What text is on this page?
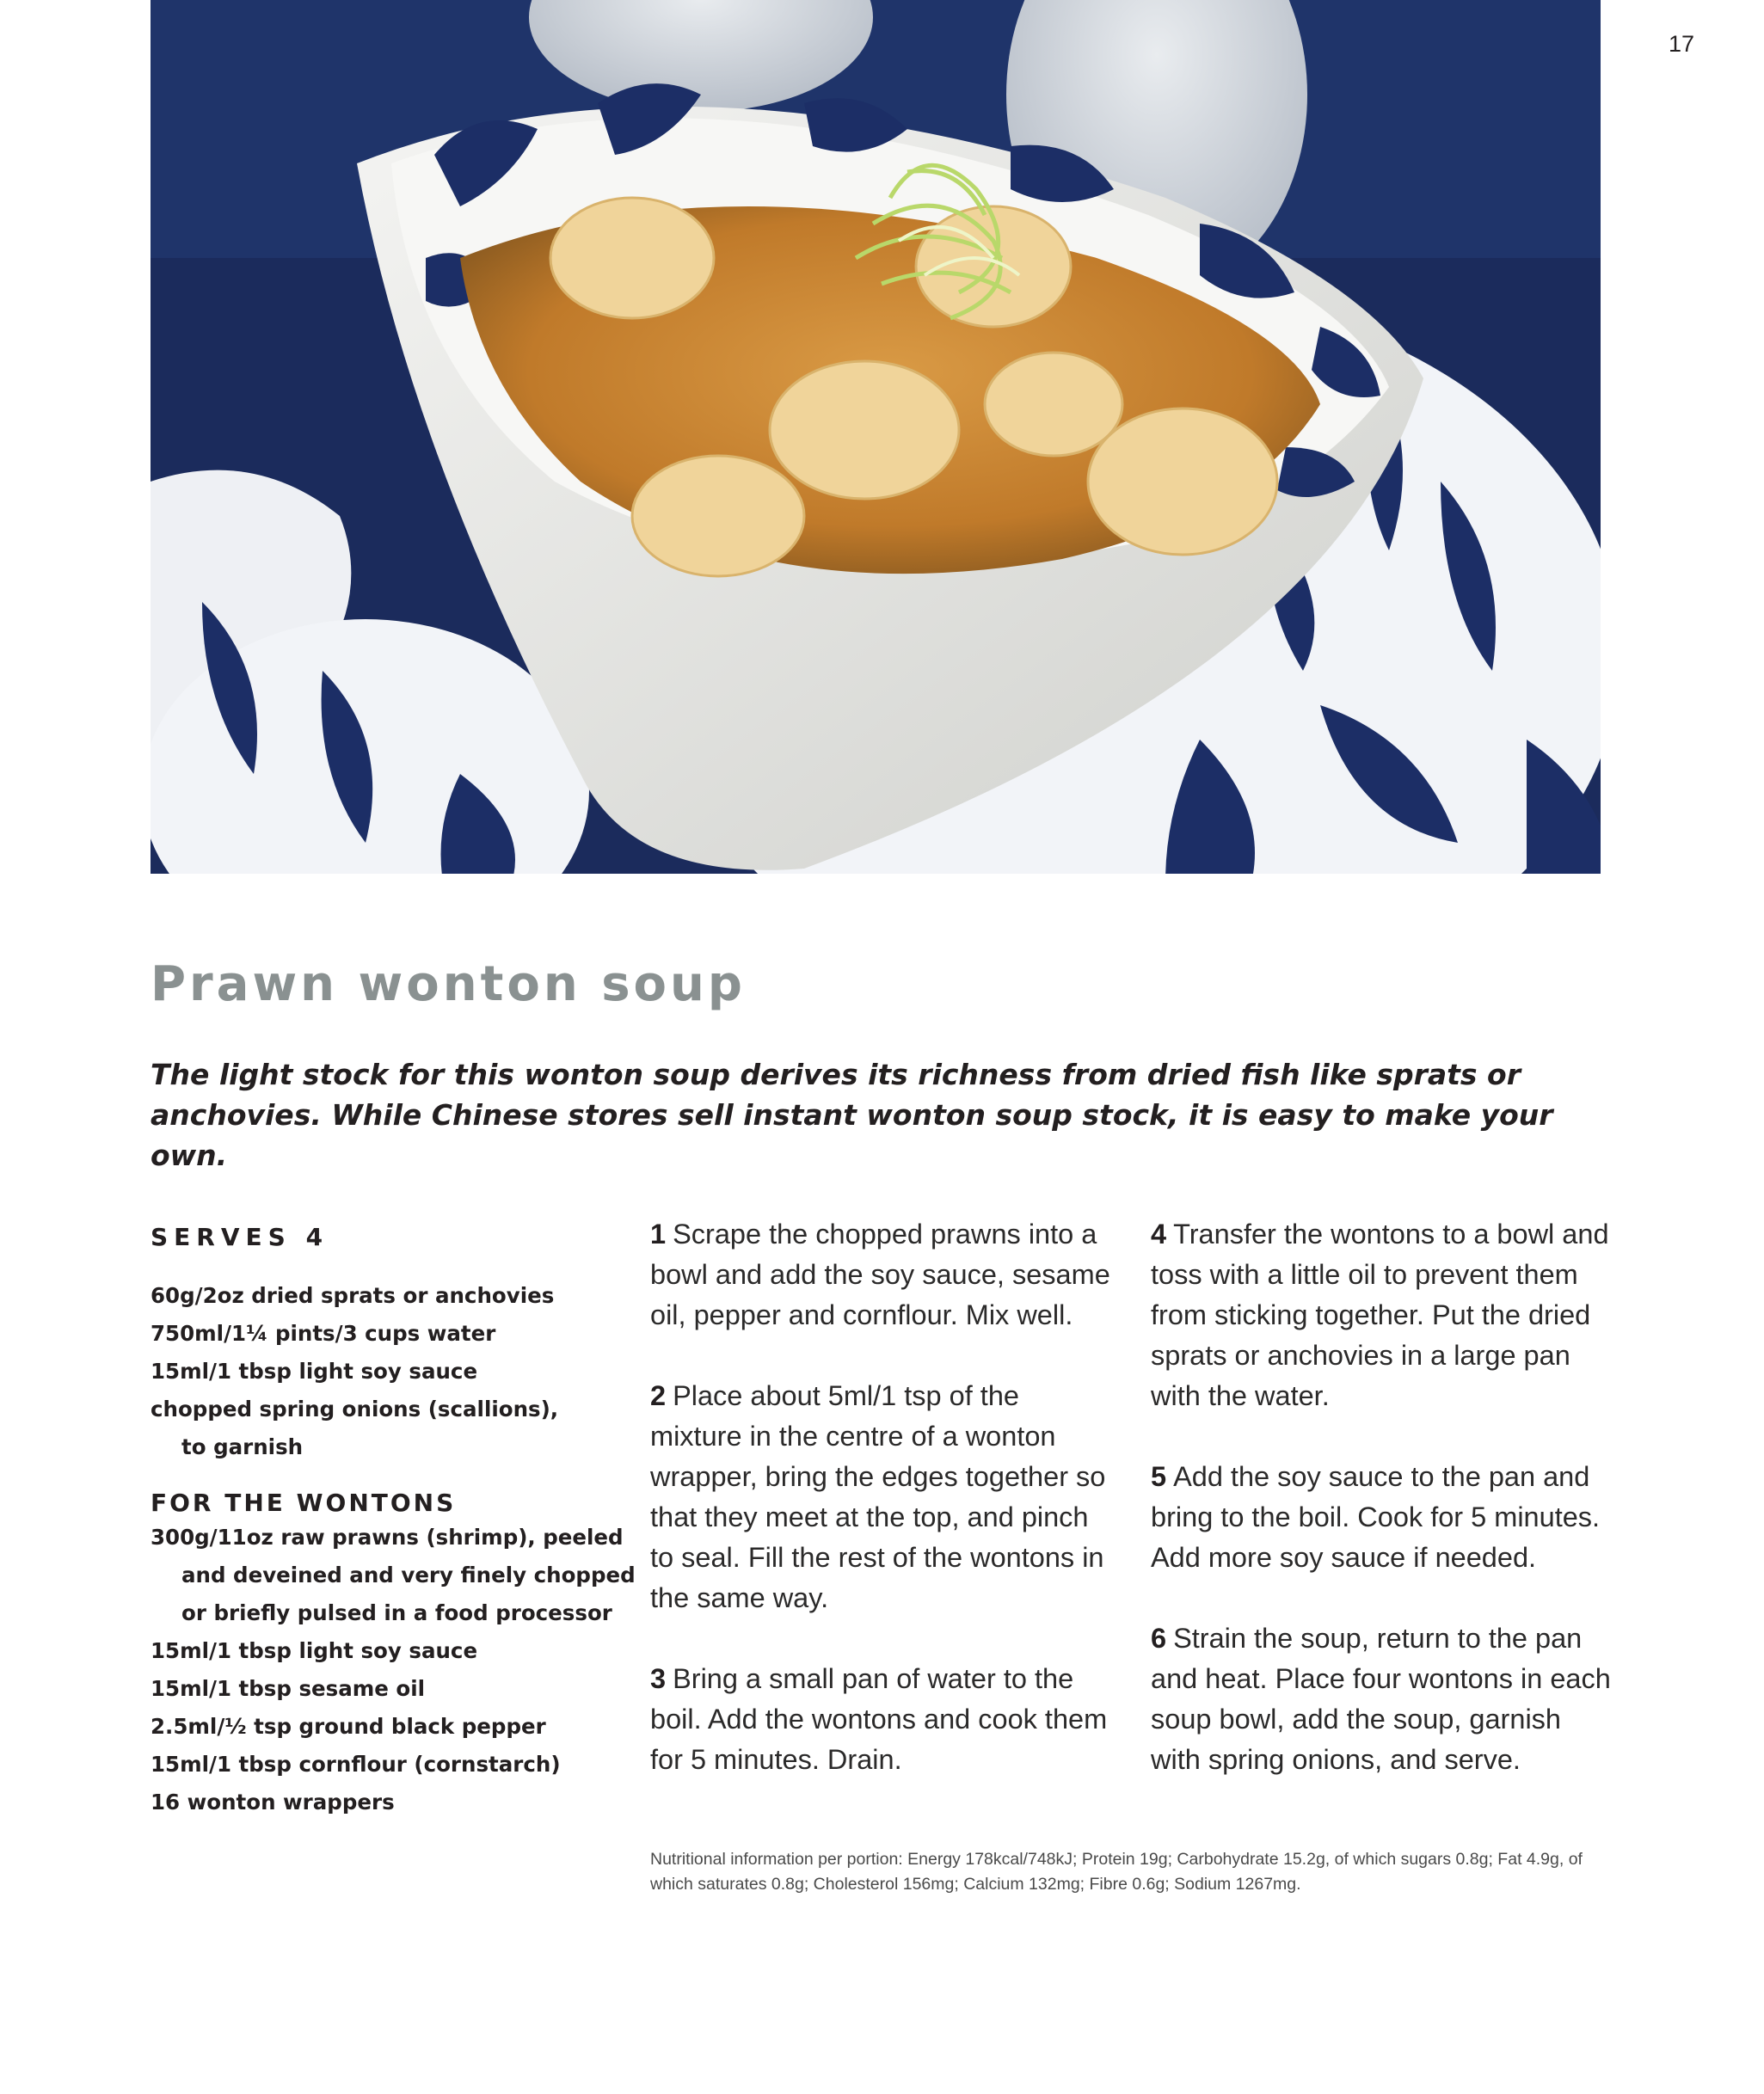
17
Prawn wonton soup
The light stock for this wonton soup derives its richness from dried fish like sprats or anchovies. While Chinese stores sell instant wonton soup stock, it is easy to make your own.
SERVES 4
60g/2oz dried sprats or anchovies
750ml/1¼ pints/3 cups water
15ml/1 tbsp light soy sauce
chopped spring onions (scallions),
to garnish
FOR THE WONTONS
300g/11oz raw prawns (shrimp), peeled
and deveined and very finely chopped
or briefly pulsed in a food processor
15ml/1 tbsp light soy sauce
15ml/1 tbsp sesame oil
2.5ml/½ tsp ground black pepper
15ml/1 tbsp cornflour (cornstarch)
16 wonton wrappers

1 Scrape the chopped prawns into a bowl and add the soy sauce, sesame oil, pepper and cornflour. Mix well.

2 Place about 5ml/1 tsp of the mixture in the centre of a wonton wrapper, bring the edges together so that they meet at the top, and pinch to seal. Fill the rest of the wontons in the same way.

3 Bring a small pan of water to the boil. Add the wontons and cook them for 5 minutes. Drain.

4 Transfer the wontons to a bowl and toss with a little oil to prevent them from sticking together. Put the dried sprats or anchovies in a large pan with the water.

5 Add the soy sauce to the pan and bring to the boil. Cook for 5 minutes. Add more soy sauce if needed.

6 Strain the soup, return to the pan and heat. Place four wontons in each soup bowl, add the soup, garnish with spring onions, and serve.

Nutritional information per portion: Energy 178kcal/748kJ; Protein 19g; Carbohydrate 15.2g, of which sugars 0.8g; Fat 4.9g, of which saturates 0.8g; Cholesterol 156mg; Calcium 132mg; Fibre 0.6g; Sodium 1267mg.
